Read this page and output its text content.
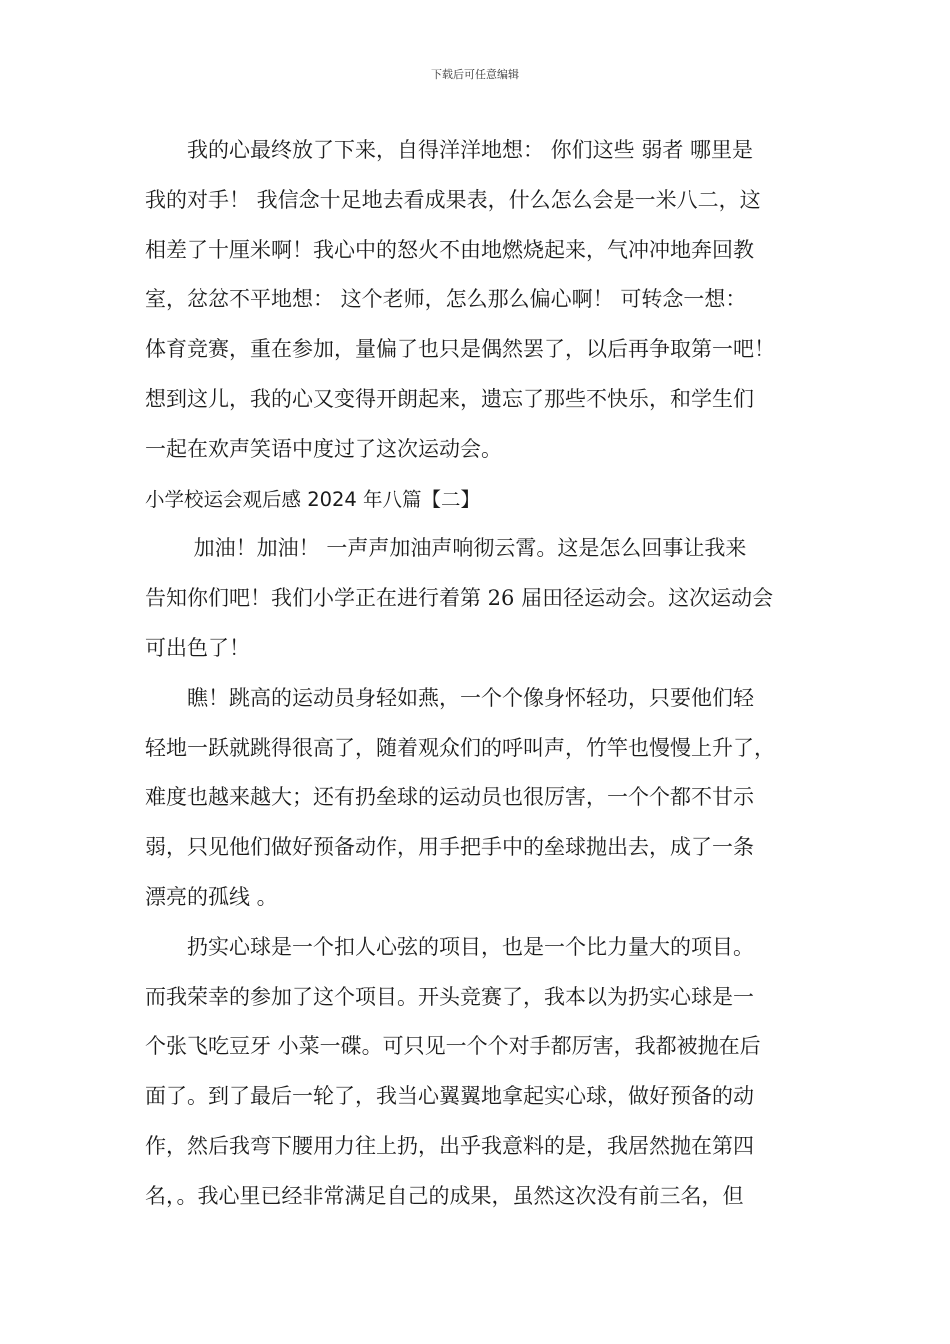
下载后可任意编辑
　　我的心最终放了下来，自得洋洋地想： 你们这些 弱者 哪里是
我的对手！ 我信念十足地去看成果表，什么怎么会是一米八二，这
相差了十厘米啊！我心中的怒火不由地燃烧起来，气冲冲地奔回教
室，忿忿不平地想： 这个老师，怎么那么偏心啊！ 可转念一想：
体育竞赛，重在参加，量偏了也只是偶然罢了，以后再争取第一吧！
想到这儿，我的心又变得开朗起来，遗忘了那些不快乐，和学生们
一起在欢声笑语中度过了这次运动会。
小学校运会观后感 2024 年八篇【二】
　　 加油！加油！ 一声声加油声响彻云霄。这是怎么回事让我来
告知你们吧！我们小学正在进行着第 26 届田径运动会。这次运动会
可出色了！
　　瞧！跳高的运动员身轻如燕，一个个像身怀轻功，只要他们轻
轻地一跃就跳得很高了，随着观众们的呼叫声，竹竿也慢慢上升了，
难度也越来越大；还有扔垒球的运动员也很厉害，一个个都不甘示
弱，只见他们做好预备动作，用手把手中的垒球抛出去，成了一条
漂亮的孤线 。
　　扔实心球是一个扣人心弦的项目，也是一个比力量大的项目。
而我荣幸的参加了这个项目。开头竞赛了，我本以为扔实心球是一
个张飞吃豆牙 小菜一碟。可只见一个个对手都厉害，我都被抛在后
面了。到了最后一轮了，我当心翼翼地拿起实心球，做好预备的动
作，然后我弯下腰用力往上扔，出乎我意料的是，我居然抛在第四
名，。我心里已经非常满足自己的成果，虽然这次没有前三名，但
